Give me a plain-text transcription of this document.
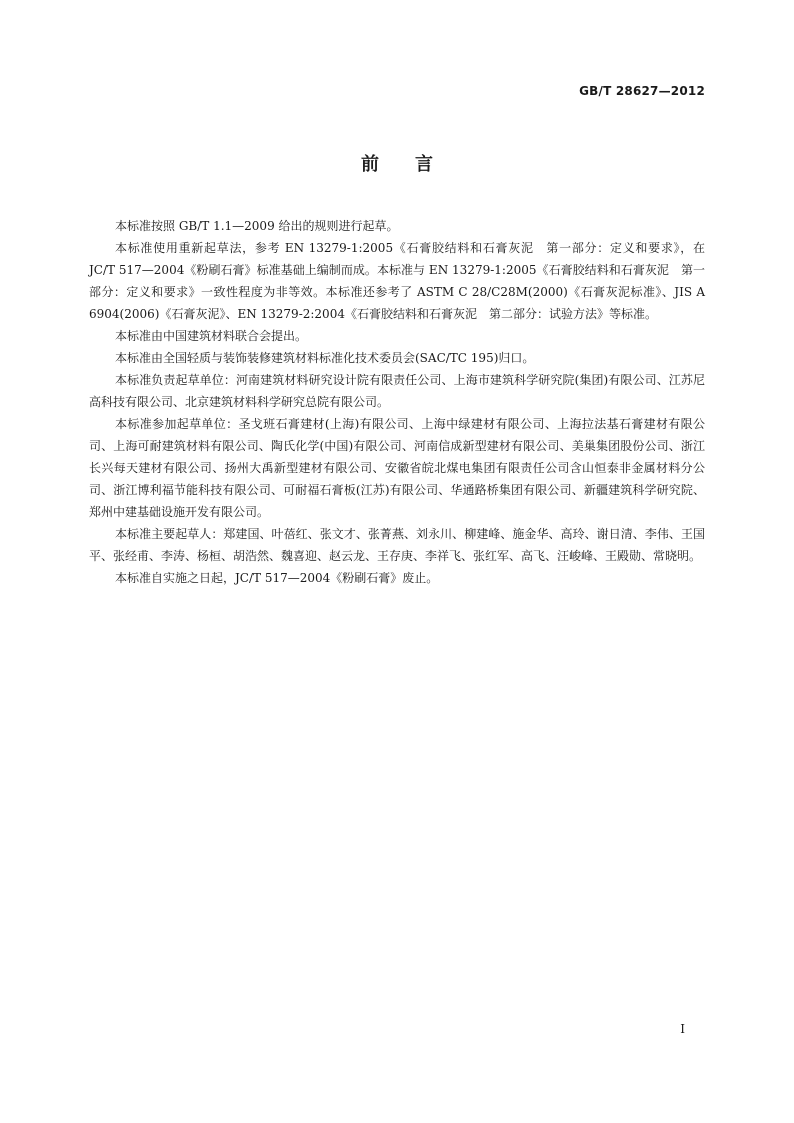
GB/T 28627—2012
前言

本标准按照 GB/T 1.1—2009 给出的规则进行起草。

本标准使用重新起草法，参考 EN 13279-1:2005《石膏胶结料和石膏灰泥　第一部分：定义和要求》，在 JC/T 517—2004《粉刷石膏》标准基础上编制而成。本标准与 EN 13279-1:2005《石膏胶结料和石膏灰泥　第一部分：定义和要求》一致性程度为非等效。本标准还参考了 ASTM C 28/C28M(2000)《石膏灰泥标准》、JIS A 6904(2006)《石膏灰泥》、EN 13279-2:2004《石膏胶结料和石膏灰泥　第二部分：试验方法》等标准。

本标准由中国建筑材料联合会提出。

本标准由全国轻质与装饰装修建筑材料标准化技术委员会(SAC/TC 195)归口。

本标准负责起草单位：河南建筑材料研究设计院有限责任公司、上海市建筑科学研究院(集团)有限公司、江苏尼高科技有限公司、北京建筑材料科学研究总院有限公司。

本标准参加起草单位：圣戈班石膏建材(上海)有限公司、上海中绿建材有限公司、上海拉法基石膏建材有限公司、上海可耐建筑材料有限公司、陶氏化学(中国)有限公司、河南信成新型建材有限公司、美巢集团股份公司、浙江长兴每天建材有限公司、扬州大禹新型建材有限公司、安徽省皖北煤电集团有限责任公司含山恒泰非金属材料分公司、浙江博利福节能科技有限公司、可耐福石膏板(江苏)有限公司、华通路桥集团有限公司、新疆建筑科学研究院、郑州中建基础设施开发有限公司。

本标准主要起草人：郑建国、叶蓓红、张文才、张菁燕、刘永川、柳建峰、施金华、高玲、谢日清、李伟、王国平、张经甫、李涛、杨桓、胡浩然、魏喜迎、赵云龙、王存庚、李祥飞、张红军、高飞、汪峻峰、王殿勋、常晓明。

本标准自实施之日起，JC/T 517—2004《粉刷石膏》废止。

I
